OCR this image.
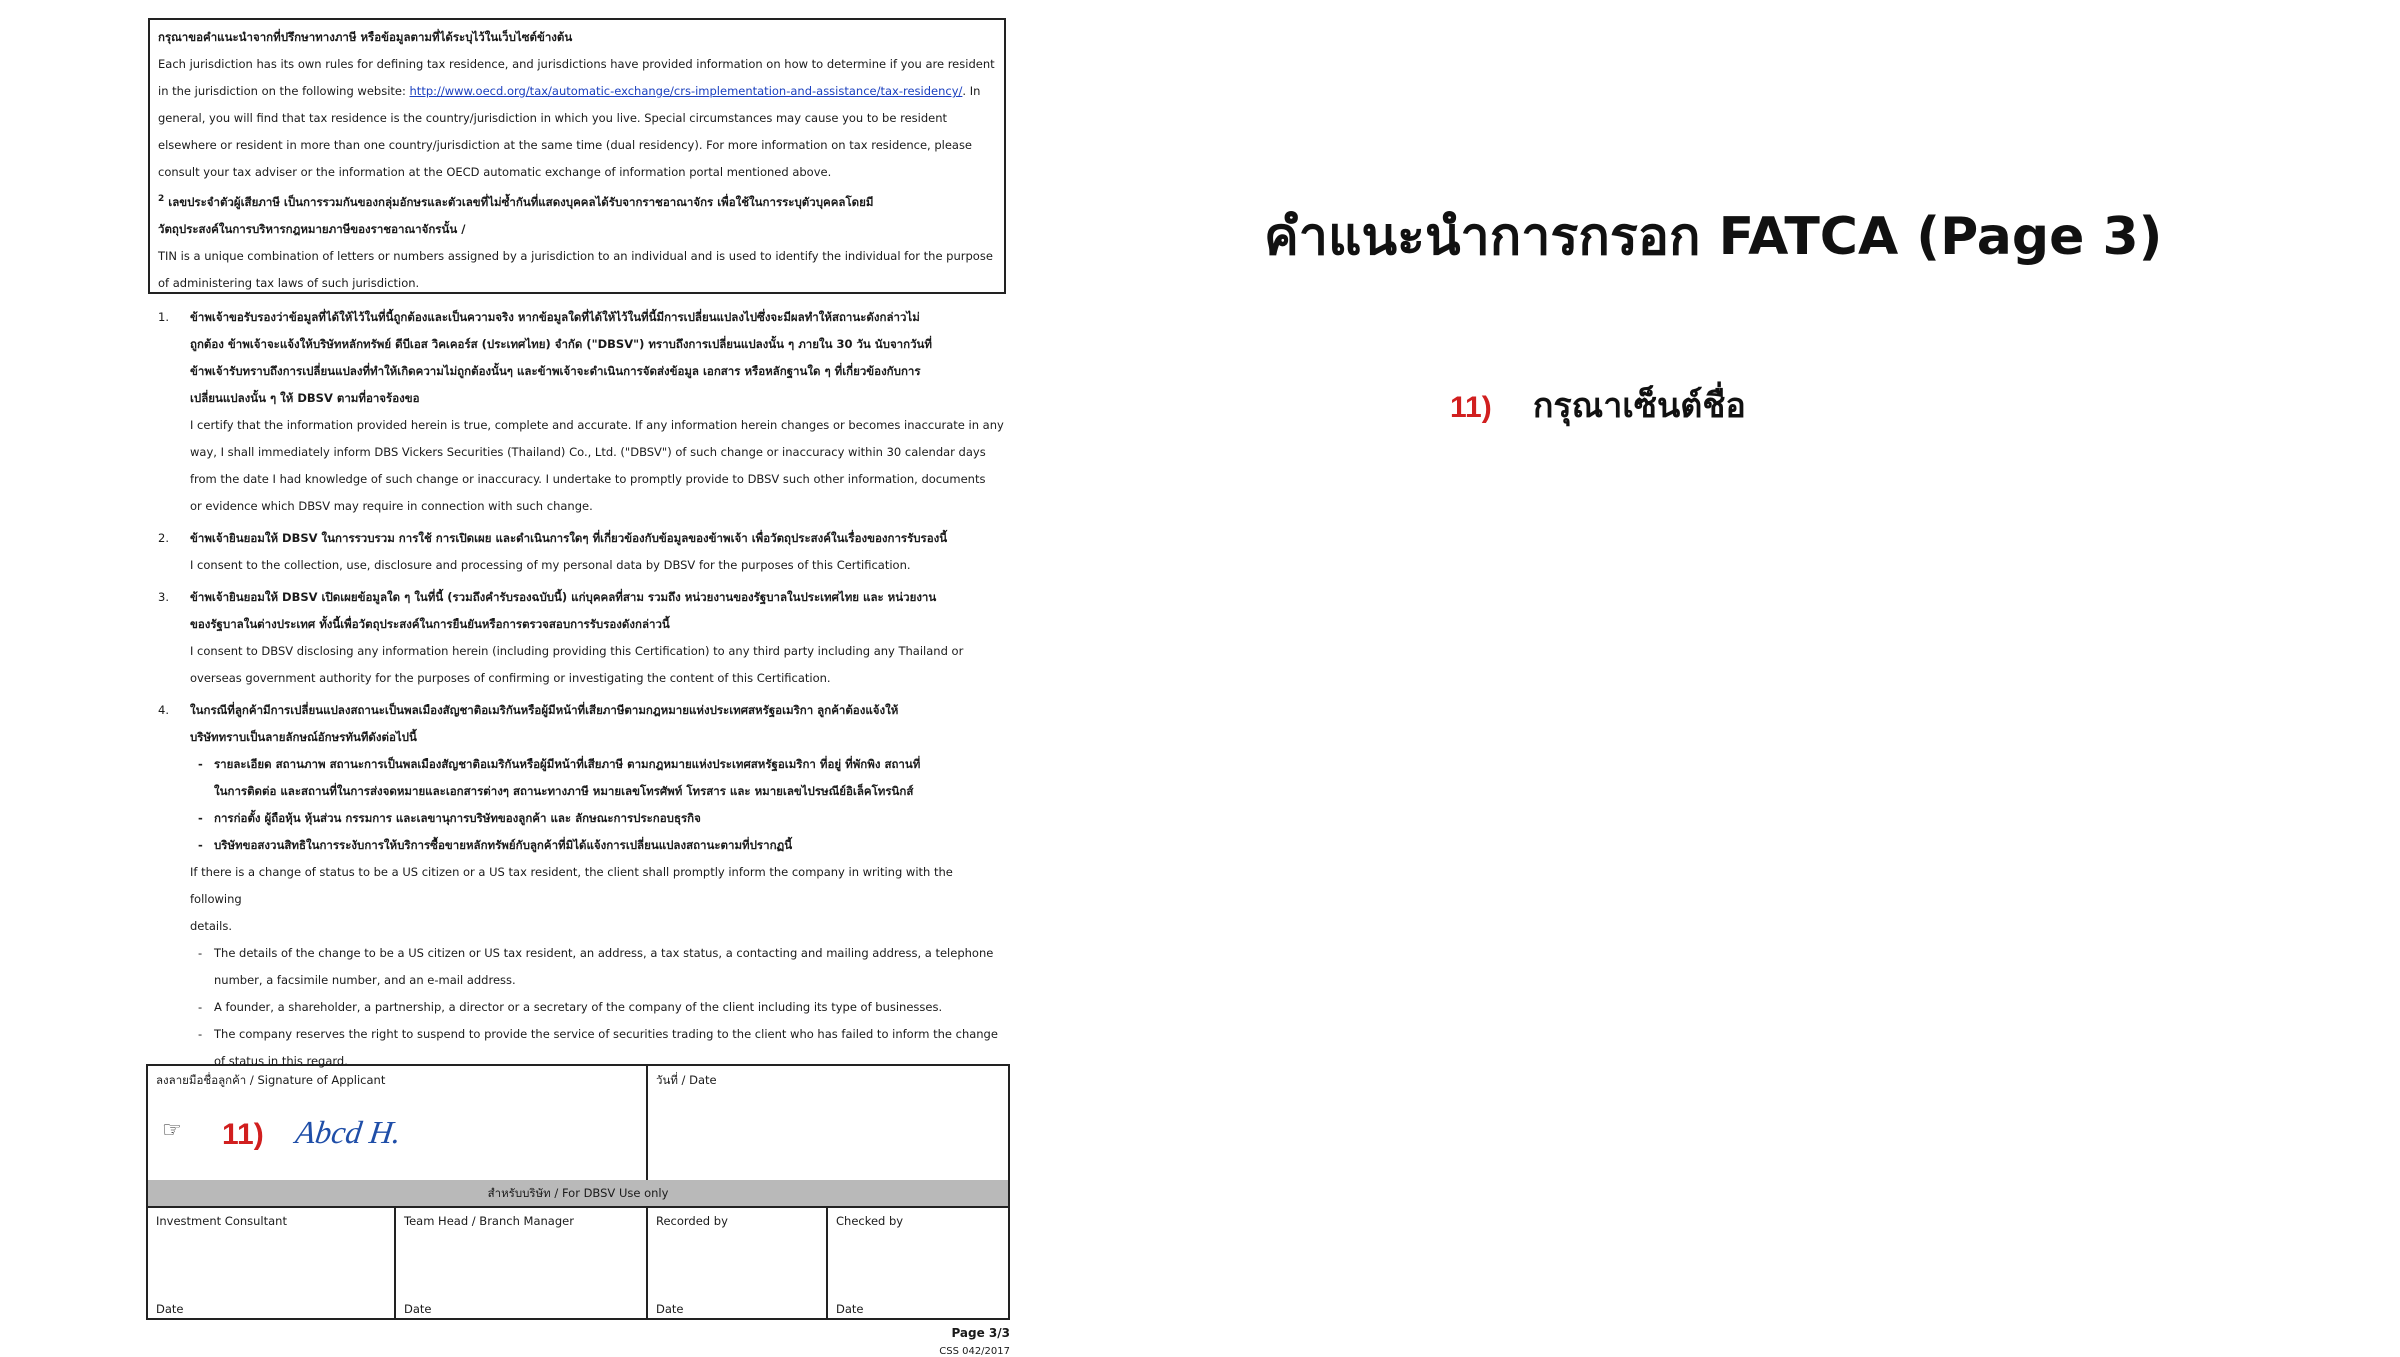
กรุณาขอคำแนะนำจากที่ปรึกษาทางภาษี หรือข้อมูลตามที่ได้ระบุไว้ในเว็บไซต์ข้างต้น

Each jurisdiction has its own rules for defining tax residence, and jurisdictions have provided information on how to determine if you are resident

in the jurisdiction on the following website: http://www.oecd.org/tax/automatic-exchange/crs-implementation-and-assistance/tax-residency/. In

general, you will find that tax residence is the country/jurisdiction in which you live. Special circumstances may cause you to be resident

elsewhere or resident in more than one country/jurisdiction at the same time (dual residency). For more information on tax residence, please

consult your tax adviser or the information at the OECD automatic exchange of information portal mentioned above.

$^2$ เลขประจำตัวผู้เสียภาษี เป็นการรวมกันของกลุ่มอักษรและตัวเลขที่ไม่ซ้ำกันที่แสดงบุคคลได้รับจากราชอาณาจักร เพื่อใช้ในการระบุตัวบุคคลโดยมี

วัตถุประสงค์ในการบริหารกฎหมายภาษีของราชอาณาจักรนั้น /

TIN is a unique combination of letters or numbers assigned by a jurisdiction to an individual and is used to identify the individual for the purpose

of administering tax laws of such jurisdiction.

1. ข้าพเจ้าขอรับรองว่าข้อมูลที่ได้ให้ไว้ในที่นี้ถูกต้องและเป็นความจริง หากข้อมูลใดที่ได้ให้ไว้ในที่นี้มีการเปลี่ยนแปลงไปซึ่งจะมีผลทำให้สถานะดังกล่าวไม่

ถูกต้อง ข้าพเจ้าจะแจ้งให้บริษัทหลักทรัพย์ ดีบีเอส วิคเคอร์ส (ประเทศไทย) จำกัด ("DBSV") ทราบถึงการเปลี่ยนแปลงนั้น ๆ ภายใน 30 วัน นับจากวันที่

ข้าพเจ้ารับทราบถึงการเปลี่ยนแปลงที่ทำให้เกิดความไม่ถูกต้องนั้นๆ และข้าพเจ้าจะดำเนินการจัดส่งข้อมูล เอกสาร หรือหลักฐานใด ๆ ที่เกี่ยวข้องกับการ

เปลี่ยนแปลงนั้น ๆ ให้ DBSV ตามที่อาจร้องขอ

I certify that the information provided herein is true, complete and accurate. If any information herein changes or becomes inaccurate in any

way, I shall immediately inform DBS Vickers Securities (Thailand) Co., Ltd. ("DBSV") of such change or inaccuracy within 30 calendar days

from the date I had knowledge of such change or inaccuracy. I undertake to promptly provide to DBSV such other information, documents

or evidence which DBSV may require in connection with such change.

2. ข้าพเจ้ายินยอมให้ DBSV ในการรวบรวม การใช้ การเปิดเผย และดำเนินการใดๆ ที่เกี่ยวข้องกับข้อมูลของข้าพเจ้า เพื่อวัตถุประสงค์ในเรื่องของการรับรองนี้

I consent to the collection, use, disclosure and processing of my personal data by DBSV for the purposes of this Certification.

3. ข้าพเจ้ายินยอมให้ DBSV เปิดเผยข้อมูลใด ๆ ในที่นี้ (รวมถึงคำรับรองฉบับนี้) แก่บุคคลที่สาม รวมถึง หน่วยงานของรัฐบาลในประเทศไทย และ หน่วยงาน

ของรัฐบาลในต่างประเทศ ทั้งนี้เพื่อวัตถุประสงค์ในการยืนยันหรือการตรวจสอบการรับรองดังกล่าวนี้

I consent to DBSV disclosing any information herein (including providing this Certification) to any third party including any Thailand or

overseas government authority for the purposes of confirming or investigating the content of this Certification.

4. ในกรณีที่ลูกค้ามีการเปลี่ยนแปลงสถานะเป็นพลเมืองสัญชาติอเมริกันหรือผู้มีหน้าที่เสียภาษีตามกฎหมายแห่งประเทศสหรัฐอเมริกา ลูกค้าต้องแจ้งให้

บริษัททราบเป็นลายลักษณ์อักษรทันทีดังต่อไปนี้

- รายละเอียด สถานภาพ สถานะการเป็นพลเมืองสัญชาติอเมริกันหรือผู้มีหน้าที่เสียภาษี ตามกฎหมายแห่งประเทศสหรัฐอเมริกา ที่อยู่ ที่พักพิง สถานที่

ในการติดต่อ และสถานที่ในการส่งจดหมายและเอกสารต่างๆ สถานะทางภาษี หมายเลขโทรศัพท์ โทรสาร และ หมายเลขไปรษณีย์อิเล็คโทรนิกส์

- การก่อตั้ง ผู้ถือหุ้น หุ้นส่วน กรรมการ และเลขานุการบริษัทของลูกค้า และ ลักษณะการประกอบธุรกิจ

- บริษัทขอสงวนสิทธิในการระงับการให้บริการซื้อขายหลักทรัพย์กับลูกค้าที่มิได้แจ้งการเปลี่ยนแปลงสถานะตามที่ปรากฏนี้

If there is a change of status to be a US citizen or a US tax resident, the client shall promptly inform the company in writing with the following

details.

- The details of the change to be a US citizen or US tax resident, an address, a tax status, a contacting and mailing address, a telephone

number, a facsimile number, and an e-mail address.

- A founder, a shareholder, a partnership, a director or a secretary of the company of the client including its type of businesses.

- The company reserves the right to suspend to provide the service of securities trading to the client who has failed to inform the change

of status in this regard.

ลงลายมือชื่อลูกค้า / Signature of Applicant
☞ 11) Abcd H.
วันที่ / Date
สำหรับบริษัท / For DBSV Use only
Investment Consultant
Date
Team Head / Branch Manager
Date
Recorded by
Date
Checked by
Date
Page 3/3
CSS 042/2017
คำแนะนำการกรอก FATCA (Page 3)
11) กรุณาเซ็นต์ชื่อ
